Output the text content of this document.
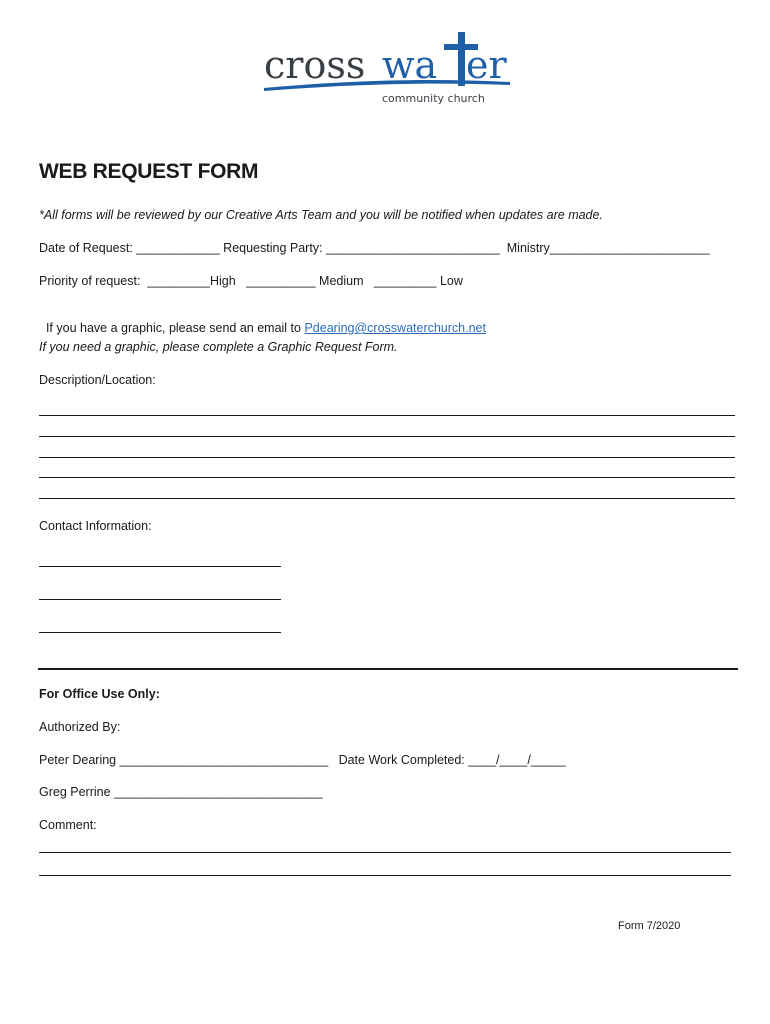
cross wa er
community church
WEB REQUEST FORM
*All forms will be reviewed by our Creative Arts Team and you will be notified when updates are made.
Date of Request: ____________ Requesting Party: _________________________  Ministry_______________________
Priority of request:  _________High   __________ Medium   _________ Low

If you have a graphic, please send an email to Pdearing@crosswaterchurch.net

If you need a graphic, please complete a Graphic Request Form.
Description/Location:
Contact Information:
For Office Use Only:
Authorized By:
Peter Dearing ______________________________   Date Work Completed: ____/____/_____
Greg Perrine ______________________________
Comment:
Form 7/2020
